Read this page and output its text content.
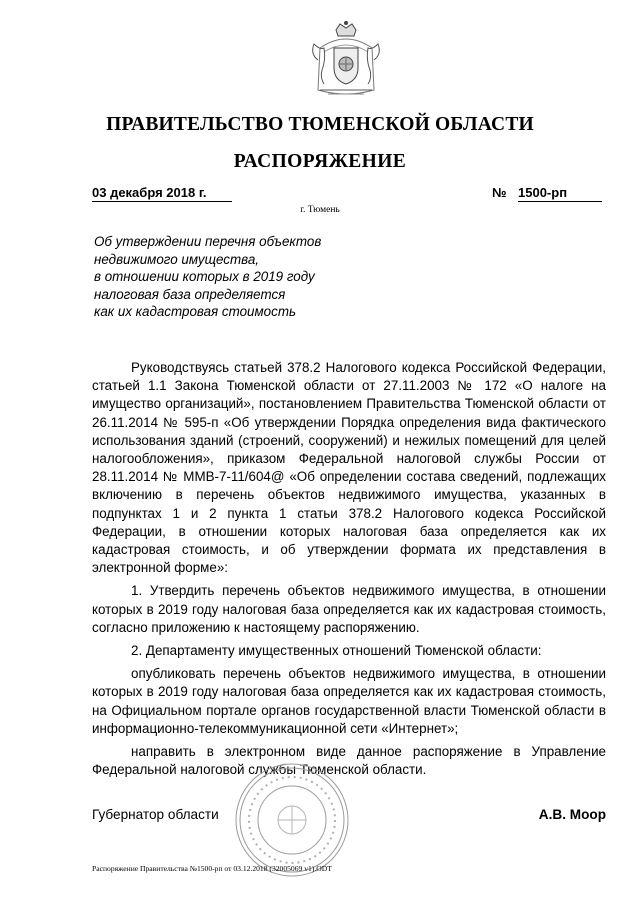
ПРАВИТЕЛЬСТВО ТЮМЕНСКОЙ ОБЛАСТИ
РАСПОРЯЖЕНИЕ
03 декабря 2018 г.	№ 1500-рп
г. Тюмень
Об утверждении перечня объектов
недвижимого имущества,
в отношении которых в 2019 году
налоговая база определяется
как их кадастровая стоимость

Руководствуясь статьей 378.2 Налогового кодекса Российской Федерации, статьей 1.1 Закона Тюменской области от 27.11.2003 № 172 «О налоге на имущество организаций», постановлением Правительства Тюменской области от 26.11.2014 № 595-п «Об утверждении Порядка определения вида фактического использования зданий (строений, сооружений) и нежилых помещений для целей налогообложения», приказом Федеральной налоговой службы России от 28.11.2014 № ММВ-7-11/604@ «Об определении состава сведений, подлежащих включению в перечень объектов недвижимого имущества, указанных в подпунктах 1 и 2 пункта 1 статьи 378.2 Налогового кодекса Российской Федерации, в отношении которых налоговая база определяется как их кадастровая стоимость, и об утверждении формата их представления в электронной форме»:

1. Утвердить перечень объектов недвижимого имущества, в отношении которых в 2019 году налоговая база определяется как их кадастровая стоимость, согласно приложению к настоящему распоряжению.

2. Департаменту имущественных отношений Тюменской области:

опубликовать перечень объектов недвижимого имущества, в отношении которых в 2019 году налоговая база определяется как их кадастровая стоимость, на Официальном портале органов государственной власти Тюменской области в информационно-телекоммуникационной сети «Интернет»;

направить в электронном виде данное распоряжение в Управление Федеральной налоговой службы Тюменской области.

Губернатор области	А.В. Моор
Распоряжение Правительства №1500-рп от 03.12.2018 (32005069 v1).ODT
